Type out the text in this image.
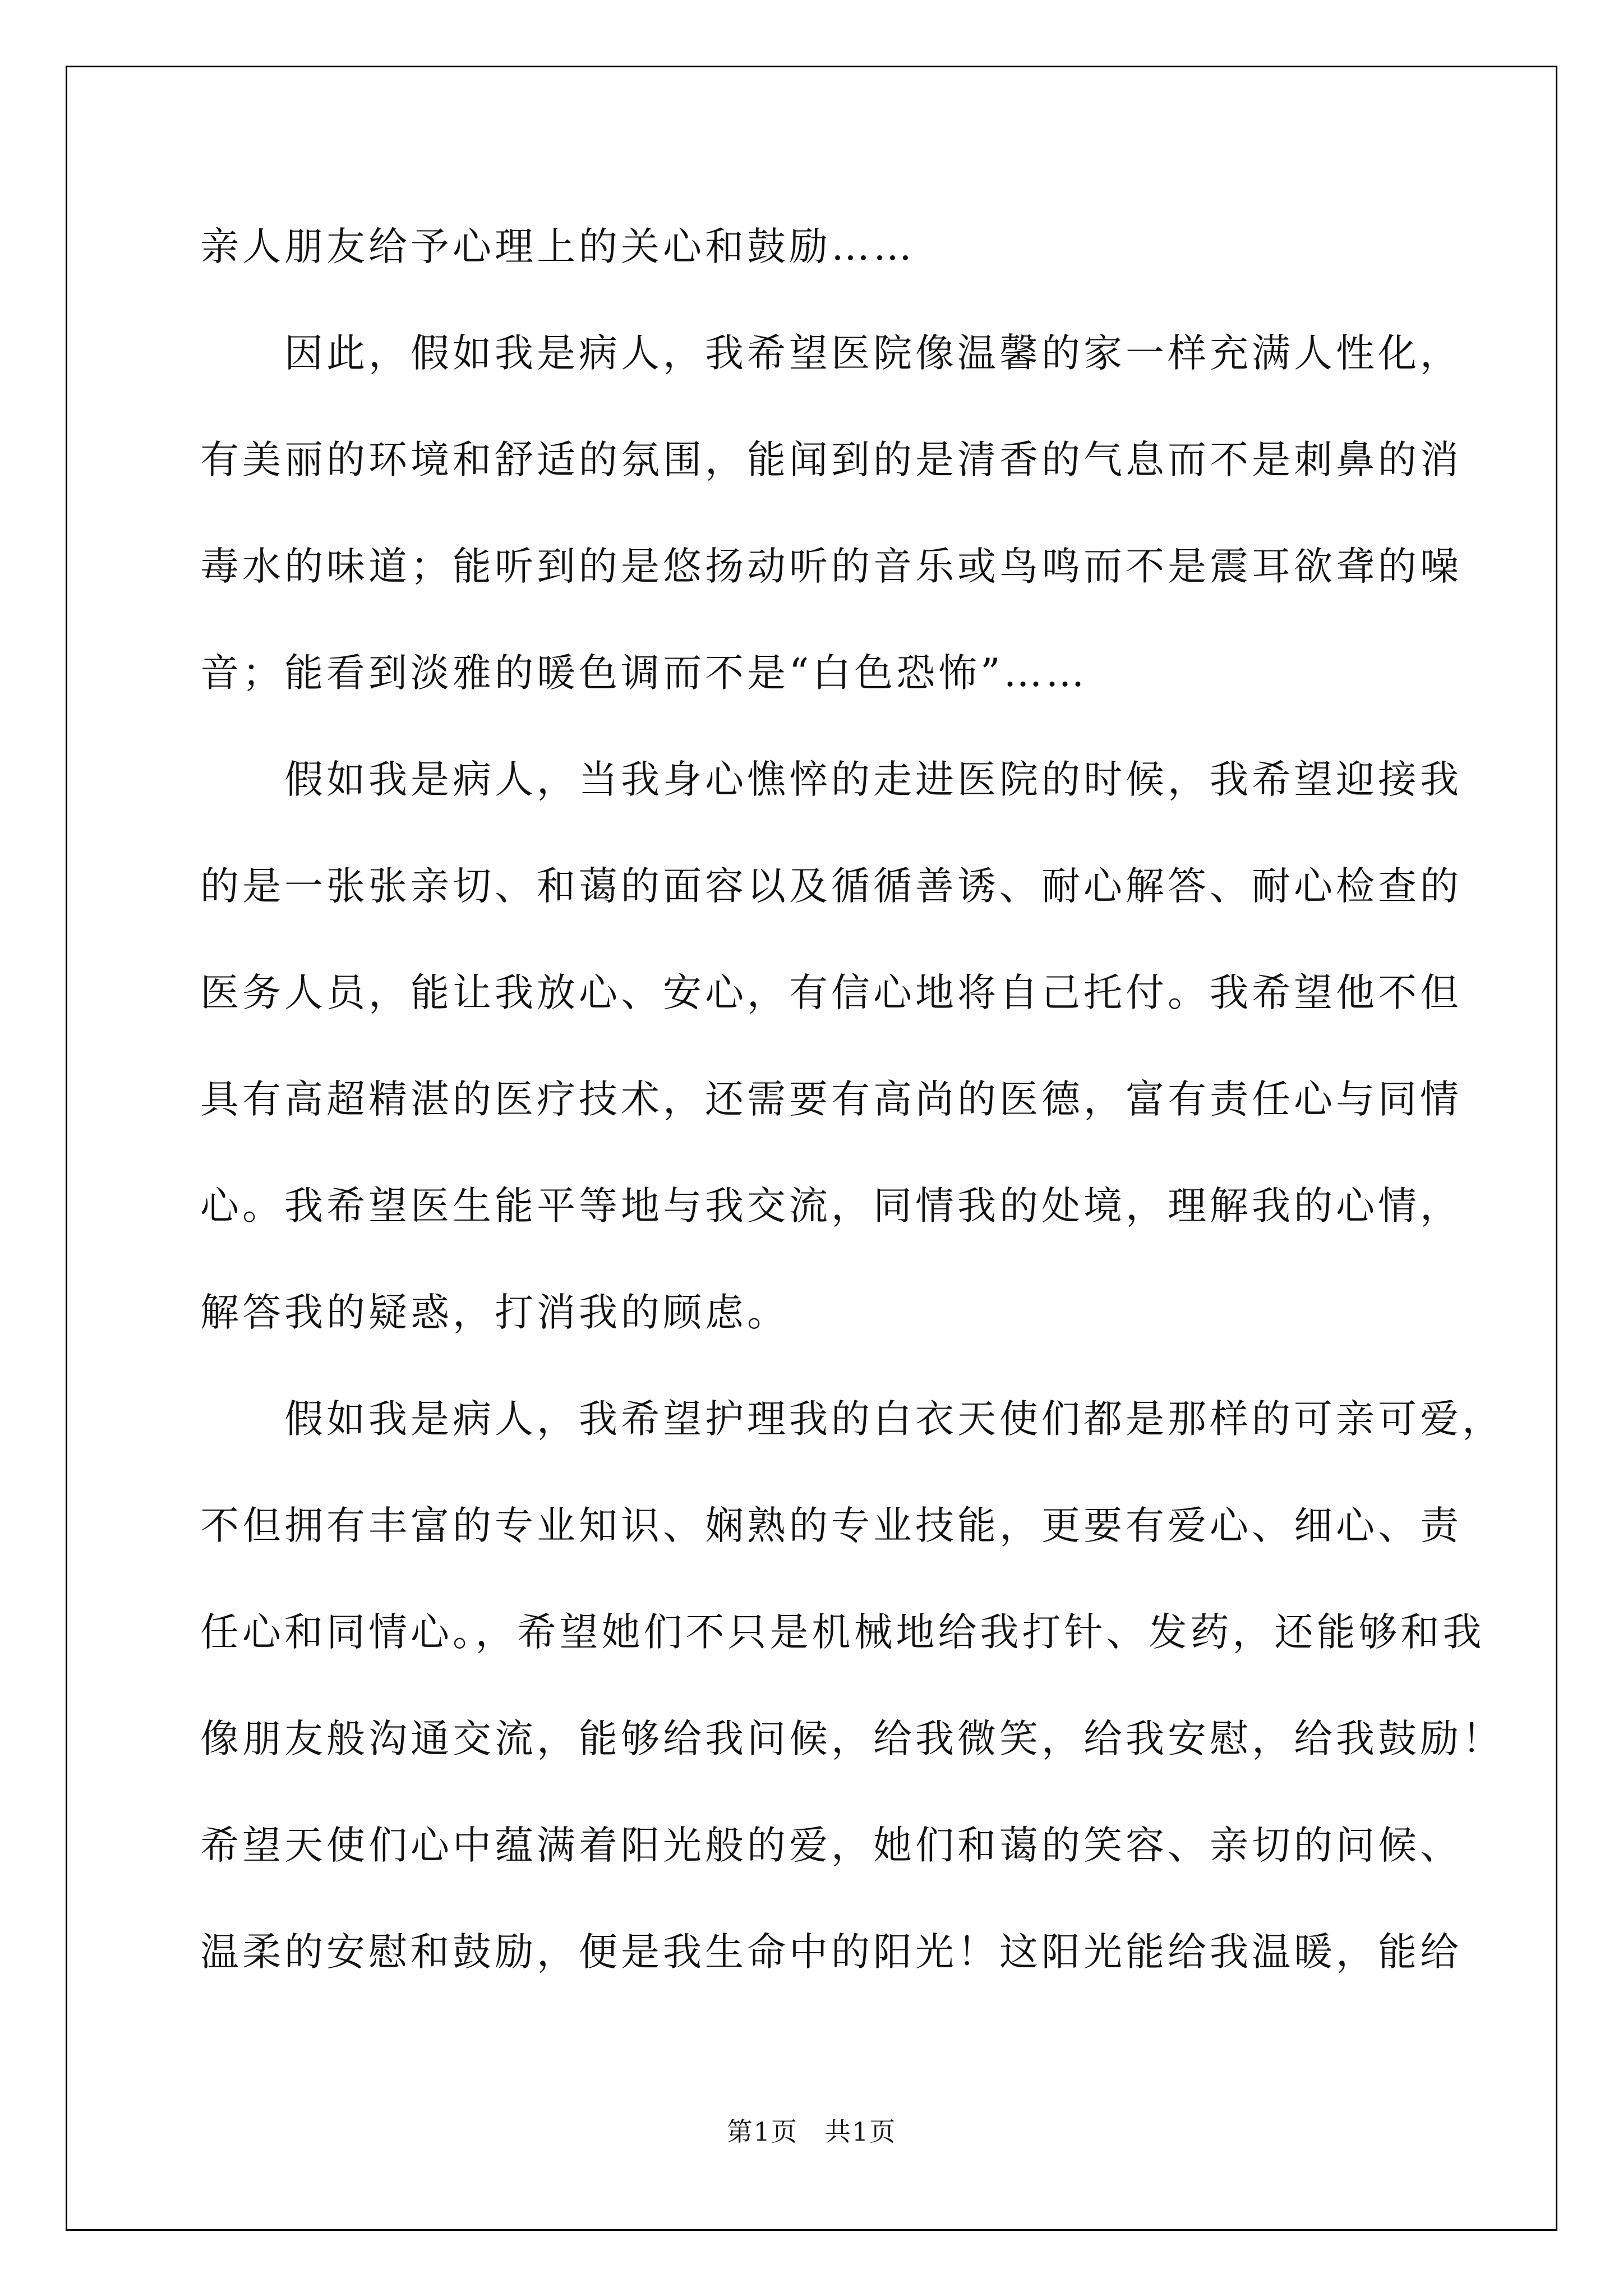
亲人朋友给予心理上的关心和鼓励……
因此，假如我是病人，我希望医院像温馨的家一样充满人性化，
有美丽的环境和舒适的氛围，能闻到的是清香的气息而不是刺鼻的消
毒水的味道；能听到的是悠扬动听的音乐或鸟鸣而不是震耳欲聋的噪
音；能看到淡雅的暖色调而不是“白色恐怖”……
假如我是病人，当我身心憔悴的走进医院的时候，我希望迎接我
的是一张张亲切、和蔼的面容以及循循善诱、耐心解答、耐心检查的
医务人员，能让我放心、安心，有信心地将自己托付。我希望他不但
具有高超精湛的医疗技术，还需要有高尚的医德，富有责任心与同情
心。我希望医生能平等地与我交流，同情我的处境，理解我的心情，
解答我的疑惑，打消我的顾虑。
假如我是病人，我希望护理我的白衣天使们都是那样的可亲可爱，
不但拥有丰富的专业知识、娴熟的专业技能，更要有爱心、细心、责
任心和同情心。，希望她们不只是机械地给我打针、发药，还能够和我
像朋友般沟通交流，能够给我问候，给我微笑，给我安慰，给我鼓励！
希望天使们心中蕴满着阳光般的爱，她们和蔼的笑容、亲切的问候、
温柔的安慰和鼓励，便是我生命中的阳光！这阳光能给我温暖，能给
第1页　共1页
